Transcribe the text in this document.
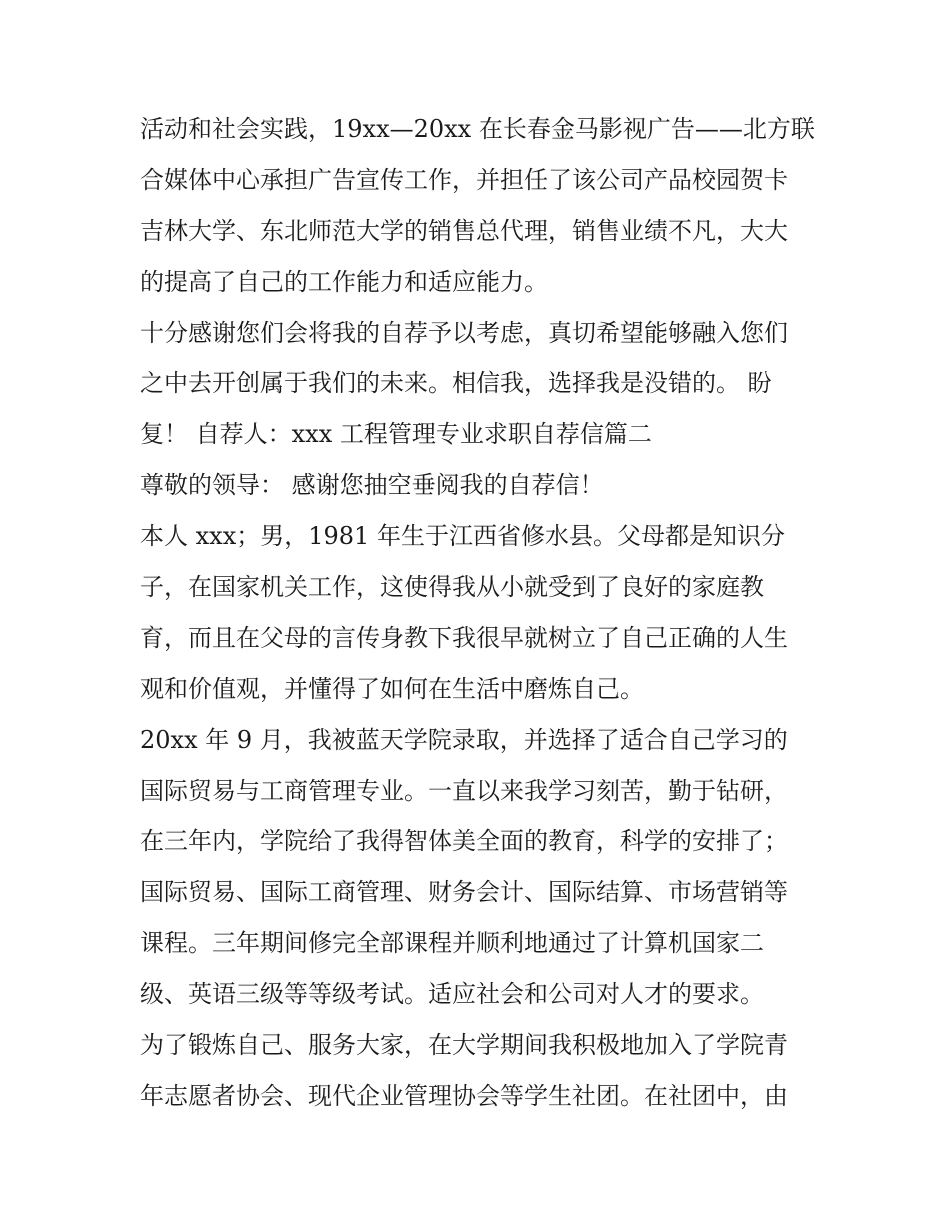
活动和社会实践，19xx—20xx 在长春金马影视广告——北方联
合媒体中心承担广告宣传工作，并担任了该公司产品校园贺卡
吉林大学、东北师范大学的销售总代理，销售业绩不凡，大大
的提高了自己的工作能力和适应能力。
十分感谢您们会将我的自荐予以考虑，真切希望能够融入您们
之中去开创属于我们的未来。相信我，选择我是没错的。 盼
复！ 自荐人：xxx 工程管理专业求职自荐信篇二
尊敬的领导： 感谢您抽空垂阅我的自荐信！
本人 xxx；男，1981 年生于江西省修水县。父母都是知识分
子，在国家机关工作，这使得我从小就受到了良好的家庭教
育，而且在父母的言传身教下我很早就树立了自己正确的人生
观和价值观，并懂得了如何在生活中磨炼自己。
20xx 年 9 月，我被蓝天学院录取，并选择了适合自己学习的
国际贸易与工商管理专业。一直以来我学习刻苦，勤于钻研，
在三年内，学院给了我得智体美全面的教育，科学的安排了；
国际贸易、国际工商管理、财务会计、国际结算、市场营销等
课程。三年期间修完全部课程并顺利地通过了计算机国家二
级、英语三级等等级考试。适应社会和公司对人才的要求。
为了锻炼自己、服务大家，在大学期间我积极地加入了学院青
年志愿者协会、现代企业管理协会等学生社团。在社团中，由
